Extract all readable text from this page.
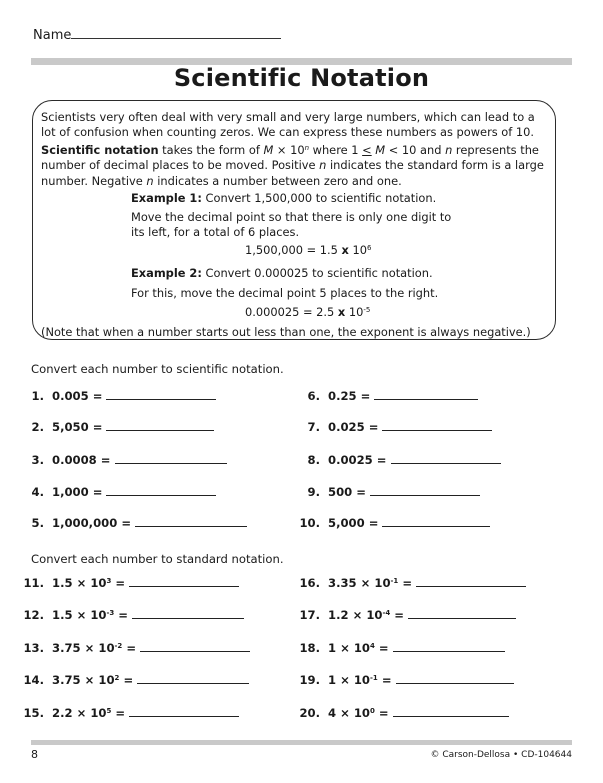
Name
Scientific Notation
Scientists very often deal with very small and very large numbers, which can lead to a lot of confusion when counting zeros. We can express these numbers as powers of 10.
Scientific notation takes the form of $M \times 10^n$ where 1 < M < 10 and n represents the number of decimal places to be moved. Positive n indicates the standard form is a large number. Negative n indicates a number between zero and one.
Example 1: Convert 1,500,000 to scientific notation.
Move the decimal point so that there is only one digit to its left, for a total of 6 places.
1,500,000 = 1.5 x $10^6$
Example 2: Convert 0.000025 to scientific notation.
For this, move the decimal point 5 places to the right.
0.000025 = 2.5 x $10^{-5}$
(Note that when a number starts out less than one, the exponent is always negative.)
Convert each number to scientific notation.
1. 0.005 =
2. 5,050 =
3. 0.0008 =
4. 1,000 =
5. 1,000,000 =
6. 0.25 =
7. 0.025 =
8. 0.0025 =
9. 500 =
10. 5,000 =
Convert each number to standard notation.
11. $1.5 \times 10^3$ =
12. $1.5 \times 10^{-3}$ =
13. $3.75 \times 10^{-2}$ =
14. $3.75 \times 10^2$ =
15. $2.2 \times 10^5$ =
16. $3.35 \times 10^{-1}$ =
17. $1.2 \times 10^{-4}$ =
18. $1 \times 10^4$ =
19. $1 \times 10^{-1}$ =
20. $4 \times 10^0$ =
8	© Carson-Dellosa • CD-104644
